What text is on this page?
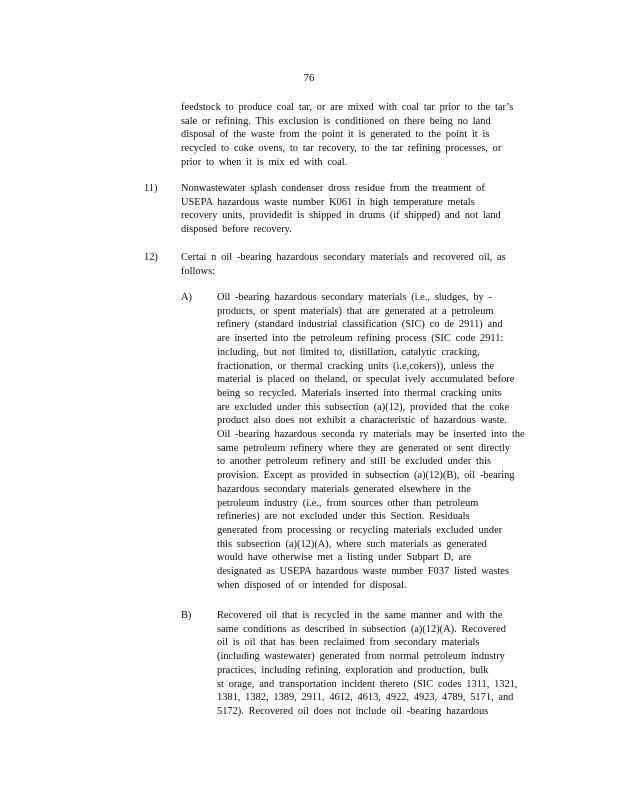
76
feedstock to produce coal tar, or are mixed with coal tar prior to the tar’s
sale or refining. This exclusion is conditioned on there being no land
disposal of the waste from the point it is generated to the point it is
recycled to coke ovens, to tar recovery, to the tar refining processes, or
prior to when it is mix ed with coal.
11) Nonwastewater splash condenser dross residue from the treatment of
USEPA hazardous waste number K061 in high temperature metals
recovery units, providedit is shipped in drums (if shipped) and not land
disposed before recovery.
12) Certai n oil -bearing hazardous secondary materials and recovered oil, as
follows:
A) Oil -bearing hazardous secondary materials (i.e., sludges, by -
products, or spent materials) that are generated at a petroleum
refinery (standard industrial classification (SIC) co de 2911) and
are inserted into the petroleum refining process (SIC code 2911:
including, but not limited to, distillation, catalytic cracking,
fractionation, or thermal cracking units (i.e,cokers)), unless the
material is placed on theland, or speculat ively accumulated before
being so recycled. Materials inserted into thermal cracking units
are excluded under this subsection (a)(12), provided that the coke
product also does not exhibit a characteristic of hazardous waste.
Oil -bearing hazardous seconda ry materials may be inserted into the
same petroleum refinery where they are generated or sent directly
to another petroleum refinery and still be excluded under this
provision. Except as provided in subsection (a)(12)(B), oil -bearing
hazardous secondary materials generated elsewhere in the
petroleum industry (i.e., from sources other than petroleum
refineries) are not excluded under this Section. Residuals
generated from processing or recycling materials excluded under
this subsection (a)(12)(A), where such materials as generated
would have otherwise met a listing under Subpart D, are
designated as USEPA hazardous waste number F037 listed wastes
when disposed of or intended for disposal.
B) Recovered oil that is recycled in the same manner and with the
same conditions as described in subsection (a)(12)(A). Recovered
oil is oil that has been reclaimed from secondary materials
(including wastewater) generated from normal petroleum industry
practices, including refining, exploration and production, bulk
st orage, and transportation incident thereto (SIC codes 1311, 1321,
1381, 1382, 1389, 2911, 4612, 4613, 4922, 4923, 4789, 5171, and
5172). Recovered oil does not include oil -bearing hazardous
